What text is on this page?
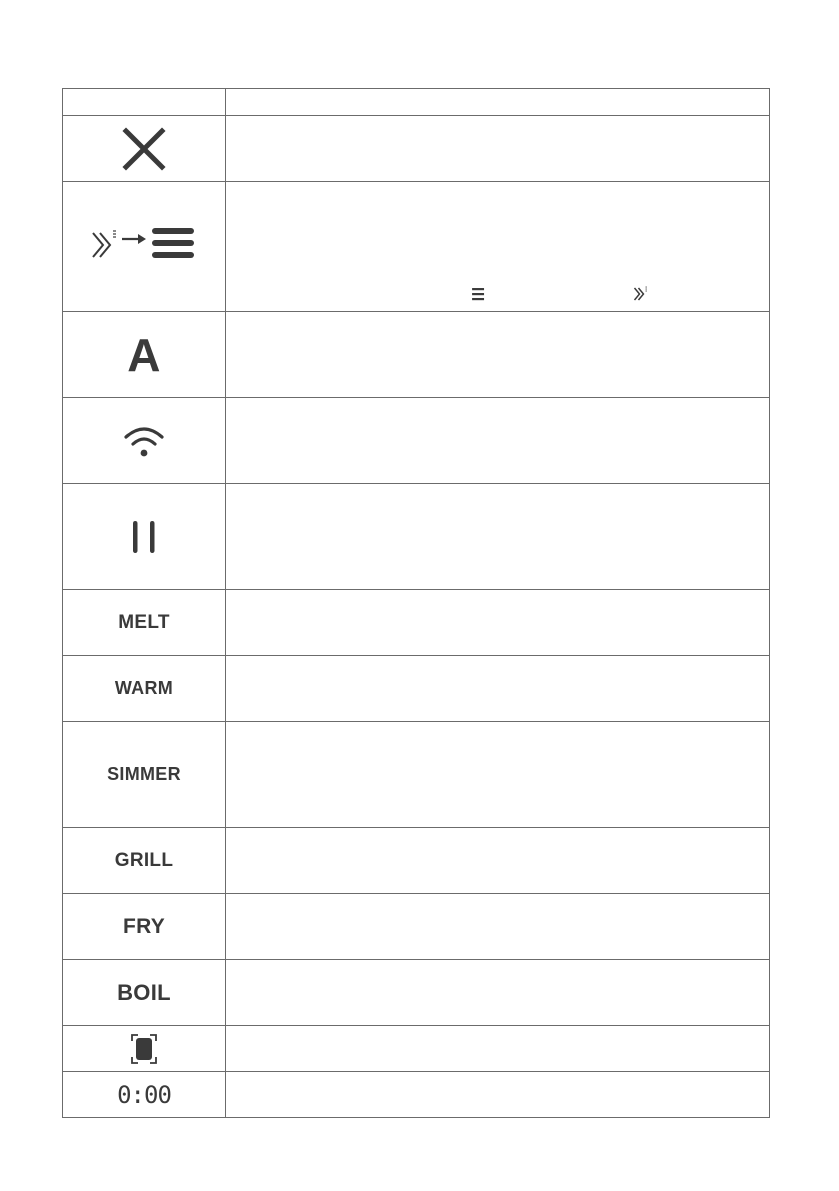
A	

MELT	
WARM	
SIMMER	
GRILL	
FRY	
BOIL	

0:00	
